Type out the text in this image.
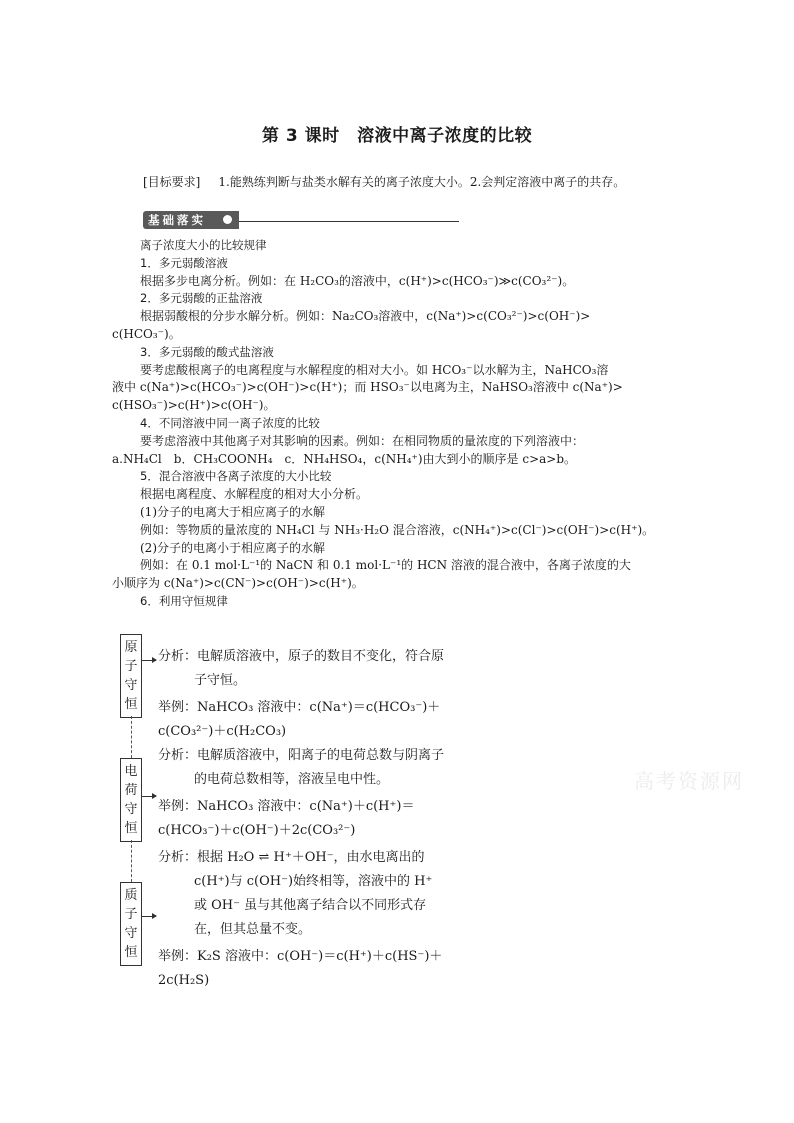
第 3 课时　溶液中离子浓度的比较
[目标要求] 1.能熟练判断与盐类水解有关的离子浓度大小。2.会判定溶液中离子的共存。
基础落实
离子浓度大小的比较规律
1．多元弱酸溶液
根据多步电离分析。例如：在 H₂CO₃的溶液中，c(H⁺)>c(HCO₃⁻)≫c(CO₃²⁻)。
2．多元弱酸的正盐溶液
根据弱酸根的分步水解分析。例如：Na₂CO₃溶液中，c(Na⁺)>c(CO₃²⁻)>c(OH⁻)>
c(HCO₃⁻)。
3．多元弱酸的酸式盐溶液
要考虑酸根离子的电离程度与水解程度的相对大小。如 HCO₃⁻以水解为主，NaHCO₃溶
液中 c(Na⁺)>c(HCO₃⁻)>c(OH⁻)>c(H⁺)；而 HSO₃⁻以电离为主，NaHSO₃溶液中 c(Na⁺)>
c(HSO₃⁻)>c(H⁺)>c(OH⁻)。
4．不同溶液中同一离子浓度的比较
要考虑溶液中其他离子对其影响的因素。例如：在相同物质的量浓度的下列溶液中：
a.NH₄Cl　b．CH₃COONH₄　c．NH₄HSO₄，c(NH₄⁺)由大到小的顺序是 c>a>b。
5．混合溶液中各离子浓度的大小比较
根据电离程度、水解程度的相对大小分析。
(1)分子的电离大于相应离子的水解
例如：等物质的量浓度的 NH₄Cl 与 NH₃·H₂O 混合溶液，c(NH₄⁺)>c(Cl⁻)>c(OH⁻)>c(H⁺)。
(2)分子的电离小于相应离子的水解
例如：在 0.1 mol·L⁻¹的 NaCN 和 0.1 mol·L⁻¹的 HCN 溶液的混合液中，各离子浓度的大
小顺序为 c(Na⁺)>c(CN⁻)>c(OH⁻)>c(H⁺)。
6．利用守恒规律
原
子
守
恒
分析：电解质溶液中，原子的数目不变化，符合原
子守恒。
举例：NaHCO₃ 溶液中：c(Na⁺)＝c(HCO₃⁻)＋
c(CO₃²⁻)＋c(H₂CO₃)
电
荷
守
恒
分析：电解质溶液中，阳离子的电荷总数与阴离子
的电荷总数相等，溶液呈电中性。
举例：NaHCO₃ 溶液中：c(Na⁺)＋c(H⁺)＝
c(HCO₃⁻)＋c(OH⁻)＋2c(CO₃²⁻)
质
子
守
恒
分析：根据 H₂O ⇌ H⁺＋OH⁻，由水电离出的
c(H⁺)与 c(OH⁻)始终相等，溶液中的 H⁺
或 OH⁻ 虽与其他离子结合以不同形式存
在，但其总量不变。
举例：K₂S 溶液中：c(OH⁻)＝c(H⁺)＋c(HS⁻)＋
2c(H₂S)
高考资源网
